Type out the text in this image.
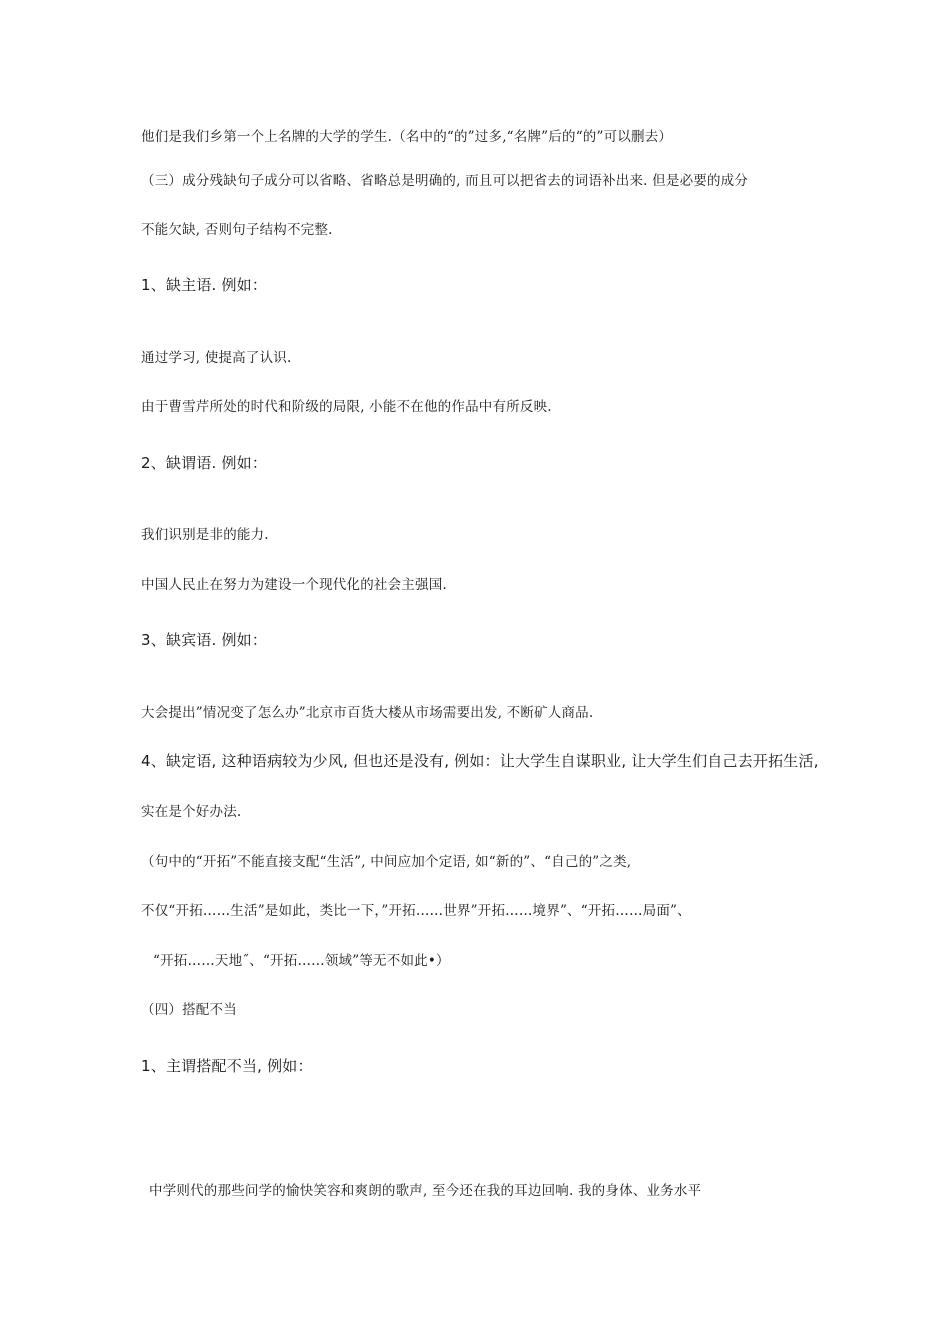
他们是我们乡第一个上名牌的大学的学生.（名中的“的”过多,“名牌”后的“的”可以删去）
（三）成分残缺句子成分可以省略、省略总是明确的, 而且可以把省去的词语补出来. 但是必要的成分
不能欠缺, 否则句子结构不完整.
1、缺主语. 例如：
通过学习, 使提高了认识.
由于曹雪芹所处的时代和阶级的局限, 小能不在他的作品中有所反映.
2、缺谓语. 例如：
我们识别是非的能力.
中国人民止在努力为建设一个现代化的社会主强国.
3、缺宾语. 例如：
大会提出”情况变了怎么办”北京市百货大楼从市场需要出发, 不断矿人商品.
4、缺定语, 这种语病较为少风, 但也还是没有, 例如：让大学生自谋职业, 让大学生们自己去开拓生活,
实在是个好办法.
（句中的“开拓”不能直接支配“生活”, 中间应加个定语, 如“新的”、“自己的”之类,
不仅“开拓……生活”是如此，类比一下，”开拓……世界”开拓……境界”、“开拓……局面”、
“开拓……天地˝、“开拓……领域”等无不如此•）
（四）搭配不当
1、主谓搭配不当, 例如：
中学则代的那些问学的愉快笑容和爽朗的歌声, 至今还在我的耳边回响. 我的身体、业务水平
